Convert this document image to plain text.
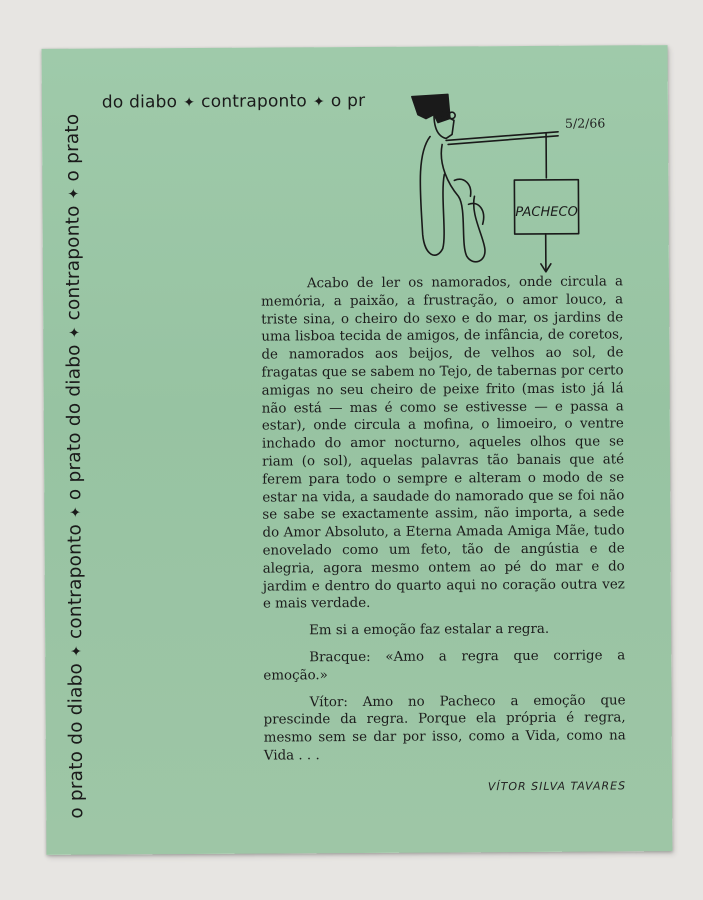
do diabo ✦ contraponto ✦ o pr
o prato do diabo✦contraponto✦o prato do diabo✦contraponto✦o prato	5/2/66
PACHECO

Acabo de ler os namorados, onde circula a memória, a paixão, a frustração, o amor louco, a triste sina, o cheiro do sexo e do mar, os jardins de uma lisboa tecida de amigos, de infância, de coretos, de namorados aos beijos, de velhos ao sol, de fragatas que se sabem no Tejo, de tabernas por certo amigas no seu cheiro de peixe frito (mas isto já lá não está — mas é como se estivesse — e passa a estar), onde circula a mofina, o limoeiro, o ventre inchado do amor nocturno, aqueles olhos que se riam (o sol), aquelas palavras tão banais que até ferem para todo o sempre e alteram o modo de se estar na vida, a saudade do namorado que se foi não se sabe se exactamente assim, não importa, a sede do Amor Absoluto, a Eterna Amada Amiga Mãe, tudo enovelado como um feto, tão de angústia e de alegria, agora mesmo ontem ao pé do mar e do jardim e dentro do quarto aqui no coração outra vez e mais verdade.

Em si a emoção faz estalar a regra.

Bracque: «Amo a regra que corrige a emoção.»

Vítor: Amo no Pacheco a emoção que prescinde da regra. Porque ela própria é regra, mesmo sem se dar por isso, como a Vida, como na Vida . . .

VÍTOR SILVA TAVARES
